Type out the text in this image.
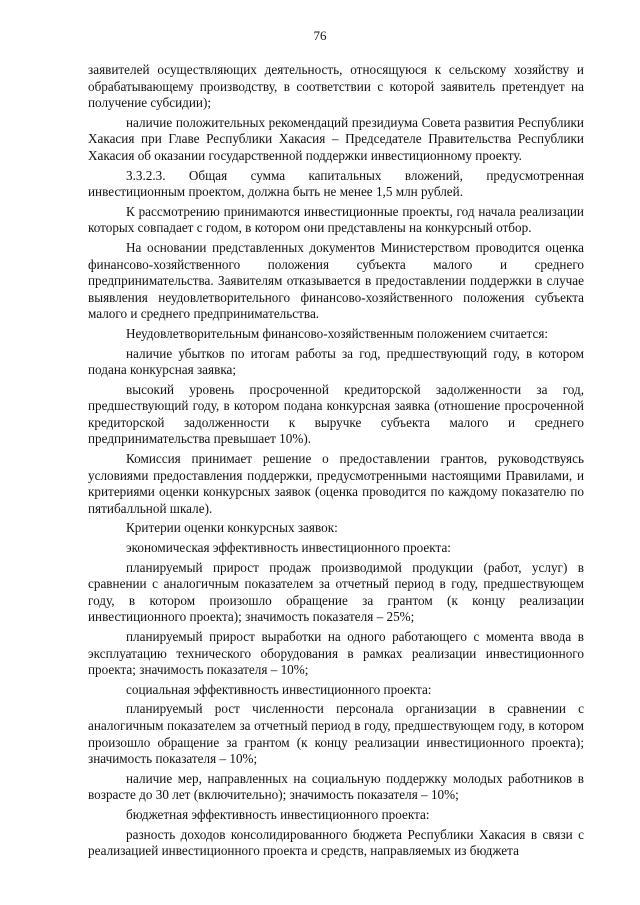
76

заявителей осуществляющих деятельность, относящуюся к сельскому хозяйству и обрабатывающему производству, в соответствии с которой заявитель претендует на получение субсидии);

наличие положительных рекомендаций президиума Совета развития Республики Хакасия при Главе Республики Хакасия – Председателе Правительства Республики Хакасия об оказании государственной поддержки инвестиционному проекту.

3.3.2.3. Общая сумма капитальных вложений, предусмотренная инвестиционным проектом, должна быть не менее 1,5 млн рублей.

К рассмотрению принимаются инвестиционные проекты, год начала реализации которых совпадает с годом, в котором они представлены на конкурсный отбор.

На основании представленных документов Министерством проводится оценка финансово-хозяйственного положения субъекта малого и среднего предпринимательства. Заявителям отказывается в предоставлении поддержки в случае выявления неудовлетворительного финансово-хозяйственного положения субъекта малого и среднего предпринимательства.

Неудовлетворительным финансово-хозяйственным положением считается:

наличие убытков по итогам работы за год, предшествующий году, в котором подана конкурсная заявка;

высокий уровень просроченной кредиторской задолженности за год, предшествующий году, в котором подана конкурсная заявка (отношение просроченной кредиторской задолженности к выручке субъекта малого и среднего предпринимательства превышает 10%).

Комиссия принимает решение о предоставлении грантов, руководствуясь условиями предоставления поддержки, предусмотренными настоящими Правилами, и критериями оценки конкурсных заявок (оценка проводится по каждому показателю по пятибалльной шкале).

Критерии оценки конкурсных заявок:

экономическая эффективность инвестиционного проекта:

планируемый прирост продаж производимой продукции (работ, услуг) в сравнении с аналогичным показателем за отчетный период в году, предшествующем году, в котором произошло обращение за грантом (к концу реализации инвестиционного проекта); значимость показателя – 25%;

планируемый прирост выработки на одного работающего с момента ввода в эксплуатацию технического оборудования в рамках реализации инвестиционного проекта; значимость показателя – 10%;

социальная эффективность инвестиционного проекта:

планируемый рост численности персонала организации в сравнении с аналогичным показателем за отчетный период в году, предшествующем году, в котором произошло обращение за грантом (к концу реализации инвестиционного проекта); значимость показателя – 10%;

наличие мер, направленных на социальную поддержку молодых работников в возрасте до 30 лет (включительно); значимость показателя – 10%;

бюджетная эффективность инвестиционного проекта:

разность доходов консолидированного бюджета Республики Хакасия в связи с реализацией инвестиционного проекта и средств, направляемых из бюджета
